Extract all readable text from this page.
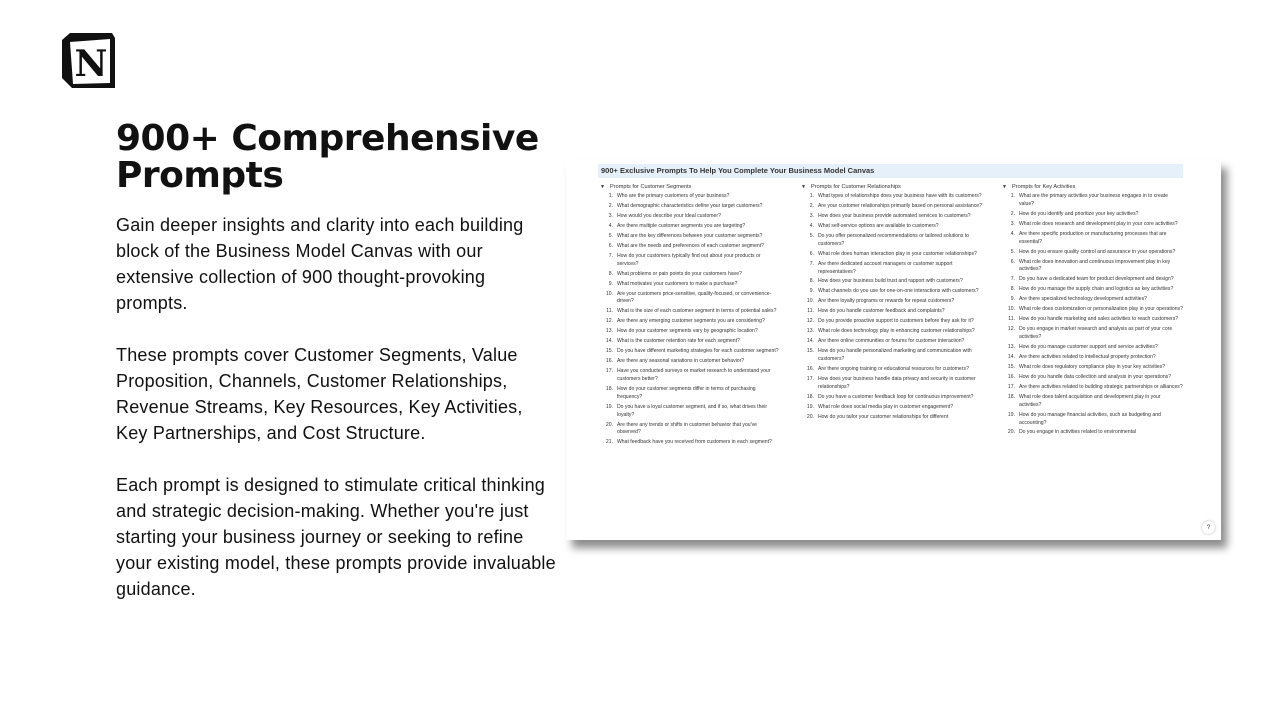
N
900+ Comprehensive Prompts

Gain deeper insights and clarity into each building block of the Business Model Canvas with our extensive collection of 900 thought-provoking prompts.

These prompts cover Customer Segments, Value Proposition, Channels, Customer Relationships, Revenue Streams, Key Resources, Key Activities, Key Partnerships, and Cost Structure.

Each prompt is designed to stimulate critical thinking and strategic decision-making. Whether you're just starting your business journey or seeking to refine your existing model, these prompts provide invaluable guidance.

900+ Exclusive Prompts To Help You Complete Your Business Model Canvas
▼ Prompts for Customer Segments
1. Who are the primary customers of your business?
2. What demographic characteristics define your target customers?
3. How would you describe your ideal customer?
4. Are there multiple customer segments you are targeting?
5. What are the key differences between your customer segments?
6. What are the needs and preferences of each customer segment?
7. How do your customers typically find out about your products or services?
8. What problems or pain points do your customers have?
9. What motivates your customers to make a purchase?
10. Are your customers price-sensitive, quality-focused, or convenience-driven?
11. What is the size of each customer segment in terms of potential sales?
12. Are there any emerging customer segments you are considering?
13. How do your customer segments vary by geographic location?
14. What is the customer retention rate for each segment?
15. Do you have different marketing strategies for each customer segment?
16. Are there any seasonal variations in customer behavior?
17. Have you conducted surveys or market research to understand your customers better?
18. How do your customer segments differ in terms of purchasing frequency?
19. Do you have a loyal customer segment, and if so, what drives their loyalty?
20. Are there any trends or shifts in customer behavior that you've observed?
21. What feedback have you received from customers in each segment?
▼ Prompts for Customer Relationships
1. What types of relationships does your business have with its customers?
2. Are your customer relationships primarily based on personal assistance?
3. How does your business provide automated services to customers?
4. What self-service options are available to customers?
5. Do you offer personalized recommendations or tailored solutions to customers?
6. What role does human interaction play in your customer relationships?
7. Are there dedicated account managers or customer support representatives?
8. How does your business build trust and rapport with customers?
9. What channels do you use for one-on-one interactions with customers?
10. Are there loyalty programs or rewards for repeat customers?
11. How do you handle customer feedback and complaints?
12. Do you provide proactive support to customers before they ask for it?
13. What role does technology play in enhancing customer relationships?
14. Are there online communities or forums for customer interaction?
15. How do you handle personalized marketing and communication with customers?
16. Are there ongoing training or educational resources for customers?
17. How does your business handle data privacy and security in customer relationships?
18. Do you have a customer feedback loop for continuous improvement?
19. What role does social media play in customer engagement?
20. How do you tailor your customer relationships for different
▼ Prompts for Key Activities
1. What are the primary activities your business engages in to create value?
2. How do you identify and prioritize your key activities?
3. What role does research and development play in your core activities?
4. Are there specific production or manufacturing processes that are essential?
5. How do you ensure quality control and assurance in your operations?
6. What role does innovation and continuous improvement play in key activities?
7. Do you have a dedicated team for product development and design?
8. How do you manage the supply chain and logistics as key activities?
9. Are there specialized technology development activities?
10. What role does customization or personalization play in your operations?
11. How do you handle marketing and sales activities to reach customers?
12. Do you engage in market research and analysis as part of your core activities?
13. How do you manage customer support and service activities?
14. Are there activities related to intellectual property protection?
15. What role does regulatory compliance play in your key activities?
16. How do you handle data collection and analysis in your operations?
17. Are there activities related to building strategic partnerships or alliances?
18. What role does talent acquisition and development play in your activities?
19. How do you manage financial activities, such as budgeting and accounting?
20. Do you engage in activities related to environmental
?
